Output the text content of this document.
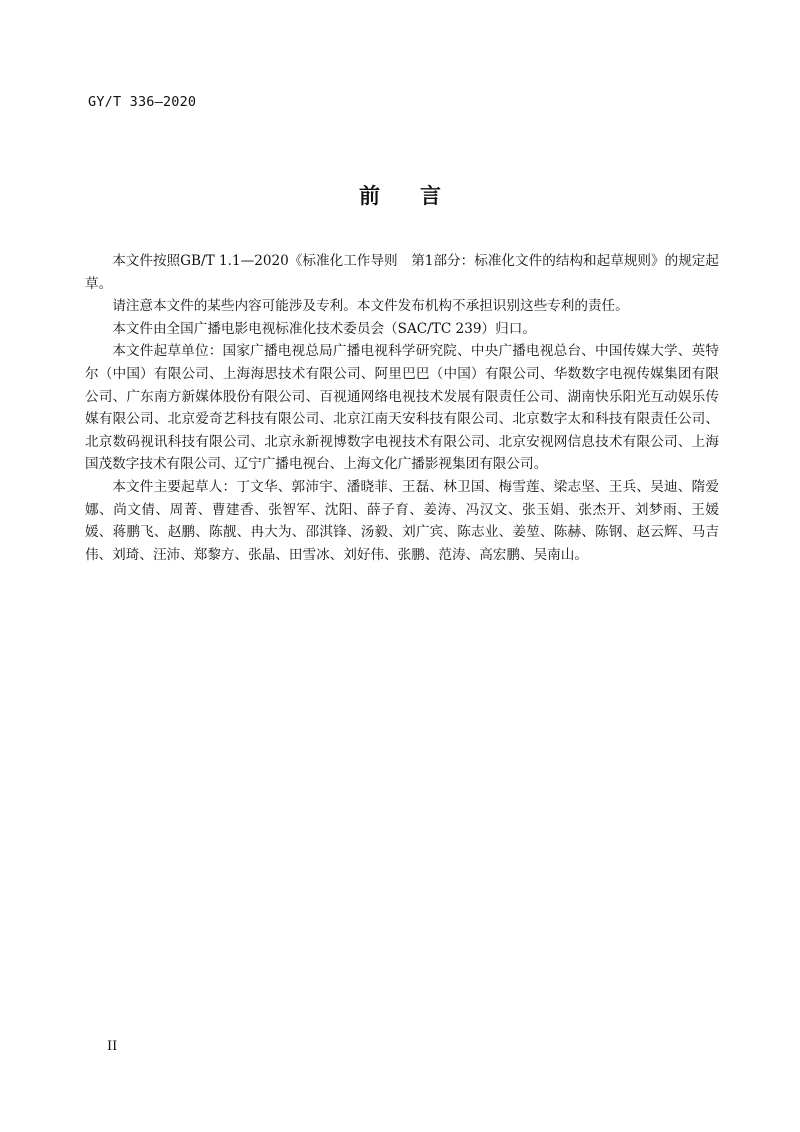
GY/T 336—2020
前 言

本文件按照GB/T 1.1—2020《标准化工作导则　第1部分：标准化文件的结构和起草规则》的规定起草。

请注意本文件的某些内容可能涉及专利。本文件发布机构不承担识别这些专利的责任。

本文件由全国广播电影电视标准化技术委员会（SAC/TC 239）归口。

本文件起草单位：国家广播电视总局广播电视科学研究院、中央广播电视总台、中国传媒大学、英特尔（中国）有限公司、上海海思技术有限公司、阿里巴巴（中国）有限公司、华数数字电视传媒集团有限公司、广东南方新媒体股份有限公司、百视通网络电视技术发展有限责任公司、湖南快乐阳光互动娱乐传媒有限公司、北京爱奇艺科技有限公司、北京江南天安科技有限公司、北京数字太和科技有限责任公司、北京数码视讯科技有限公司、北京永新视博数字电视技术有限公司、北京安视网信息技术有限公司、上海国茂数字技术有限公司、辽宁广播电视台、上海文化广播影视集团有限公司。

本文件主要起草人：丁文华、郭沛宇、潘晓菲、王磊、林卫国、梅雪莲、梁志坚、王兵、吴迪、隋爱娜、尚文倩、周菁、曹建香、张智军、沈阳、薛子育、姜涛、冯汉文、张玉娟、张杰开、刘梦雨、王媛媛、蒋鹏飞、赵鹏、陈靓、冉大为、邵淇锋、汤毅、刘广宾、陈志业、姜堃、陈赫、陈钢、赵云辉、马吉伟、刘琦、汪沛、郑黎方、张晶、田雪冰、刘好伟、张鹏、范涛、高宏鹏、吴南山。

II
